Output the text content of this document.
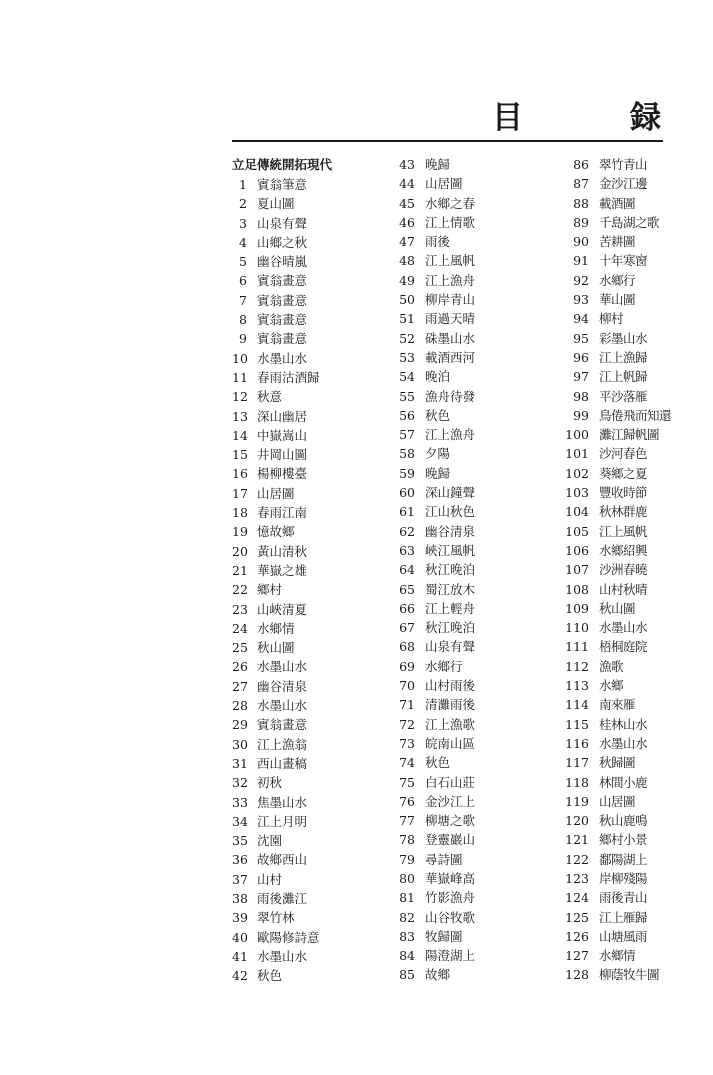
目　録
立足傳統開拓現代
1 賓翁筆意
2 夏山圖
3 山泉有聲
4 山鄉之秋
5 幽谷晴嵐
6 賓翁畫意
7 賓翁畫意
8 賓翁畫意
9 賓翁畫意
10 水墨山水
11 春雨沽酒歸
12 秋意
13 深山幽居
14 中嶽嵩山
15 井岡山圖
16 楊柳樓臺
17 山居圖
18 春雨江南
19 憶故鄉
20 黃山清秋
21 華嶽之雄
22 鄉村
23 山峽清夏
24 水鄉情
25 秋山圖
26 水墨山水
27 幽谷清泉
28 水墨山水
29 賓翁畫意
30 江上漁翁
31 西山畫稿
32 初秋
33 焦墨山水
34 江上月明
35 沈園
36 故鄉西山
37 山村
38 雨後灘江
39 翠竹林
40 歐陽修詩意
41 水墨山水
42 秋色
43 晚歸
44 山居圖
45 水鄉之春
46 江上情歌
47 雨後
48 江上風帆
49 江上漁舟
50 柳岸青山
51 雨過天晴
52 硃墨山水
53 載酒西河
54 晚泊
55 漁舟待發
56 秋色
57 江上漁舟
58 夕陽
59 晚歸
60 深山鐘聲
61 江山秋色
62 幽谷清泉
63 峽江風帆
64 秋江晚泊
65 蜀江放木
66 江上輕舟
67 秋江晚泊
68 山泉有聲
69 水鄉行
70 山村雨後
71 清灘雨後
72 江上漁歌
73 皖南山區
74 秋色
75 白石山莊
76 金沙江上
77 柳塘之歌
78 登靈巖山
79 尋詩圖
80 華嶽峰高
81 竹影漁舟
82 山谷牧歌
83 牧歸圖
84 陽澄湖上
85 故鄉
86 翠竹青山
87 金沙江邊
88 載酒圖
89 千島湖之歌
90 苦耕圖
91 十年寒窗
92 水鄉行
93 華山圖
94 柳村
95 彩墨山水
96 江上漁歸
97 江上帆歸
98 平沙落雁
99 鳥倦飛而知還
100 灘江歸帆圖
101 沙河春色
102 葵鄉之夏
103 豐收時節
104 秋林群鹿
105 江上風帆
106 水鄉紹興
107 沙洲春曉
108 山村秋晴
109 秋山圖
110 水墨山水
111 梧桐庭院
112 漁歌
113 水鄉
114 南來雁
115 桂林山水
116 水墨山水
117 秋歸圖
118 林間小鹿
119 山居圖
120 秋山鹿鳴
121 鄉村小景
122 鄱陽湖上
123 岸柳殘陽
124 雨後青山
125 江上雁歸
126 山塘風雨
127 水鄉情
128 柳蔭牧牛圖
